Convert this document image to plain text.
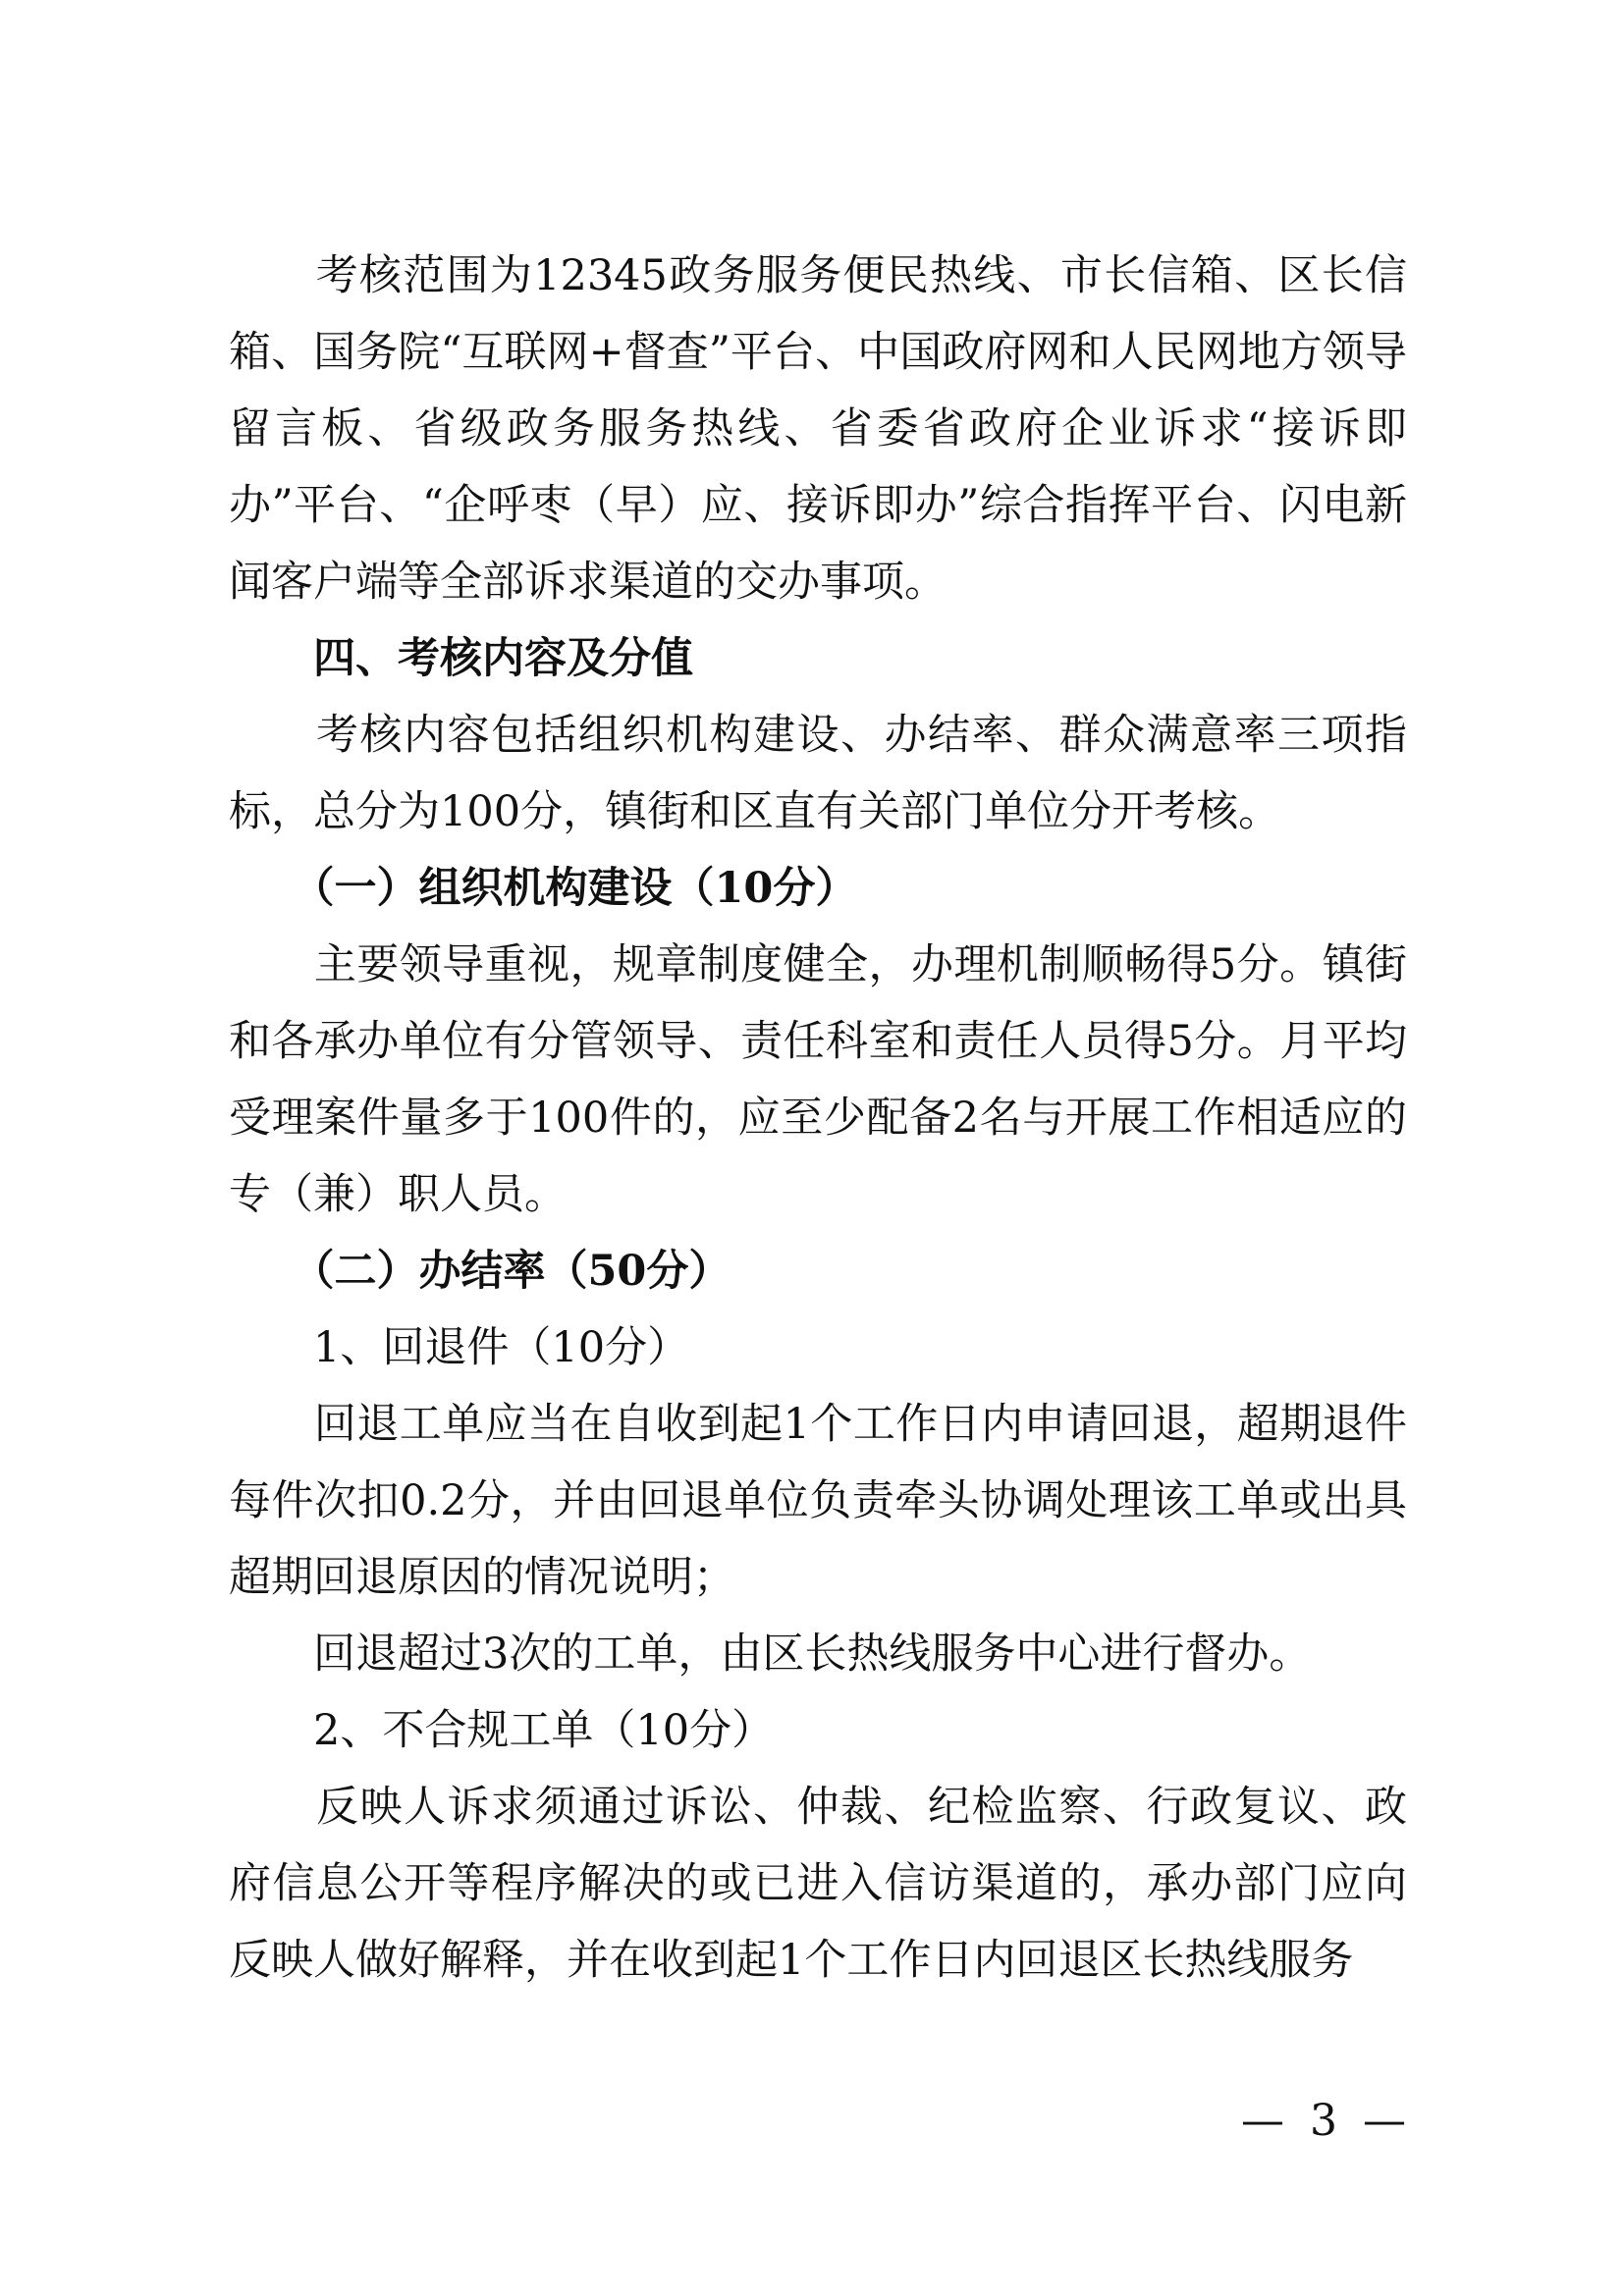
　　考核范围为12345政务服务便民热线、市长信箱、区长信箱、国务院“互联网+督查”平台、中国政府网和人民网地方领导留言板、省级政务服务热线、省委省政府企业诉求“接诉即办”平台、“企呼枣（早）应、接诉即办”综合指挥平台、闪电新闻客户端等全部诉求渠道的交办事项。

　　四、考核内容及分值

　　考核内容包括组织机构建设、办结率、群众满意率三项指标，总分为100分，镇街和区直有关部门单位分开考核。

　　（一）组织机构建设（10分）

　　主要领导重视，规章制度健全，办理机制顺畅得5分。镇街和各承办单位有分管领导、责任科室和责任人员得5分。月平均受理案件量多于100件的，应至少配备2名与开展工作相适应的专（兼）职人员。

　　（二）办结率（50分）

　　1、回退件（10分）

　　回退工单应当在自收到起1个工作日内申请回退，超期退件每件次扣0.2分，并由回退单位负责牵头协调处理该工单或出具超期回退原因的情况说明；

　　回退超过3次的工单，由区长热线服务中心进行督办。

　　2、不合规工单（10分）

　　反映人诉求须通过诉讼、仲裁、纪检监察、行政复议、政府信息公开等程序解决的或已进入信访渠道的，承办部门应向反映人做好解释，并在收到起1个工作日内回退区长热线服务

— 3 —
